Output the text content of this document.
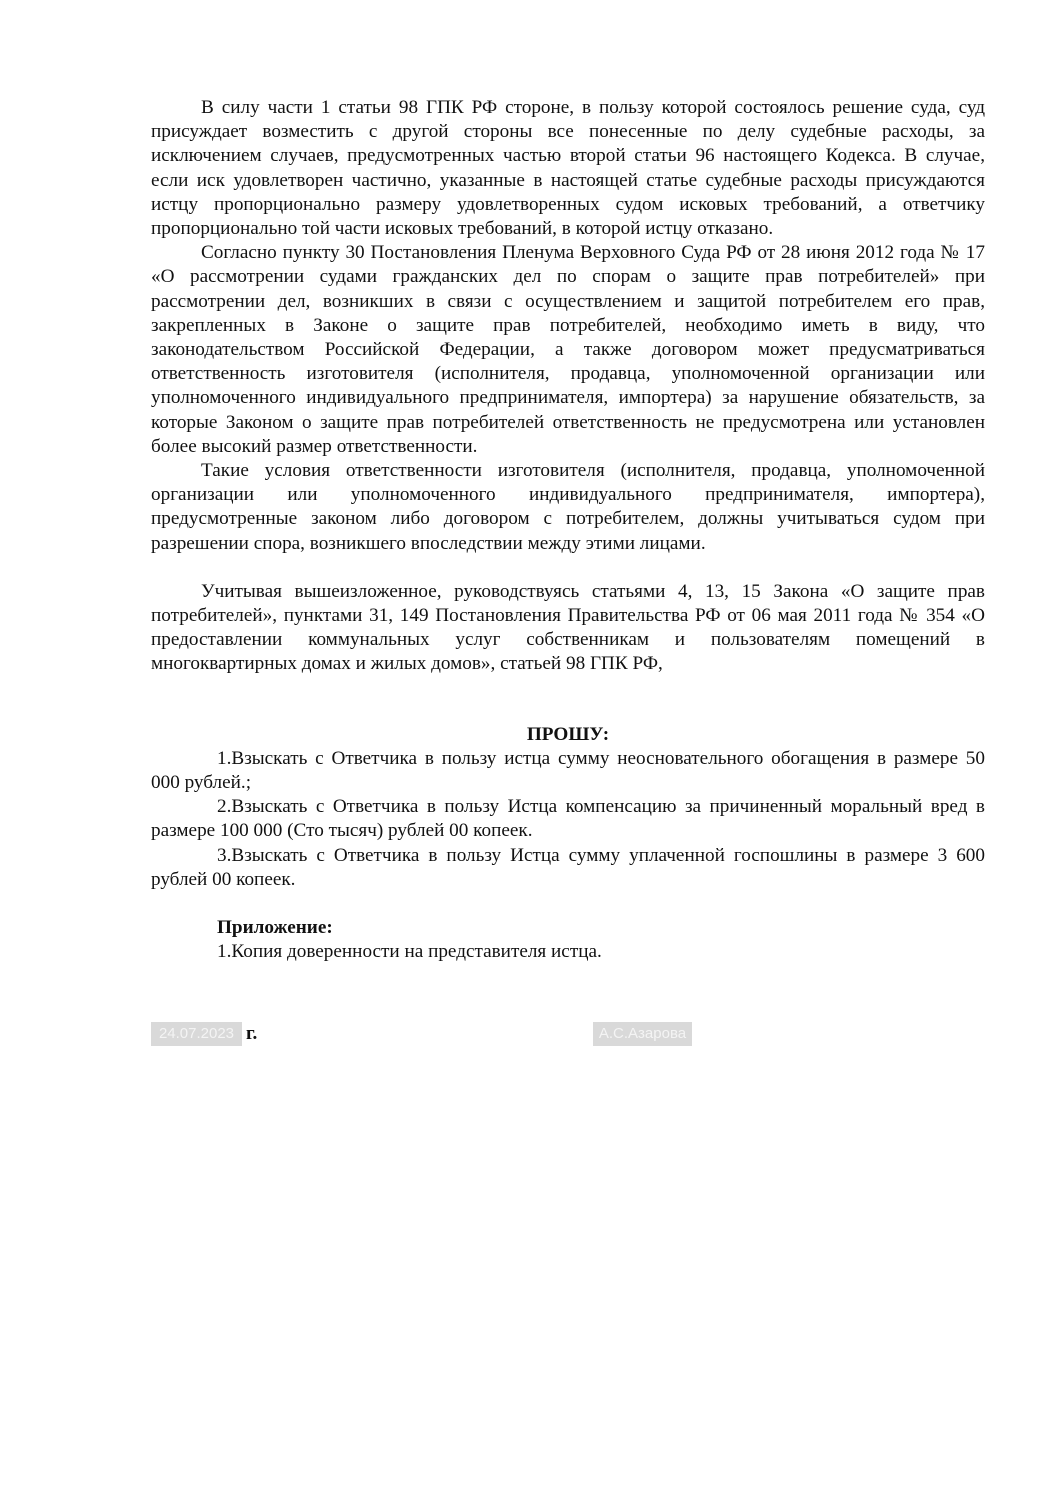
В силу части 1 статьи 98 ГПК РФ стороне, в пользу которой состоялось решение суда, суд присуждает возместить с другой стороны все понесенные по делу судебные расходы, за исключением случаев, предусмотренных частью второй статьи 96 настоящего Кодекса. В случае, если иск удовлетворен частично, указанные в настоящей статье судебные расходы присуждаются истцу пропорционально размеру удовлетворенных судом исковых требований, а ответчику пропорционально той части исковых требований, в которой истцу отказано.

Согласно пункту 30 Постановления Пленума Верховного Суда РФ от 28 июня 2012 года № 17 «О рассмотрении судами гражданских дел по спорам о защите прав потребителей» при рассмотрении дел, возникших в связи с осуществлением и защитой потребителем его прав, закрепленных в Законе о защите прав потребителей, необходимо иметь в виду, что законодательством Российской Федерации, а также договором может предусматриваться ответственность изготовителя (исполнителя, продавца, уполномоченной организации или уполномоченного индивидуального предпринимателя, импортера) за нарушение обязательств, за которые Законом о защите прав потребителей ответственность не предусмотрена или установлен более высокий размер ответственности.

Такие условия ответственности изготовителя (исполнителя, продавца, уполномоченной организации или уполномоченного индивидуального предпринимателя, импортера), предусмотренные законом либо договором с потребителем, должны учитываться судом при разрешении спора, возникшего впоследствии между этими лицами.

Учитывая вышеизложенное, руководствуясь статьями 4, 13, 15 Закона «О защите прав потребителей», пунктами 31, 149 Постановления Правительства РФ от 06 мая 2011 года № 354 «О предоставлении коммунальных услуг собственникам и пользователям помещений в многоквартирных домах и жилых домов», статьей 98 ГПК РФ,

ПРОШУ:

1.Взыскать с Ответчика в пользу истца сумму неосновательного обогащения в размере 50 000 рублей.;

2.Взыскать с Ответчика в пользу Истца компенсацию за причиненный моральный вред в размере 100 000 (Сто тысяч) рублей 00 копеек.

3.Взыскать с Ответчика в пользу Истца сумму уплаченной госпошлины в размере 3 600 рублей 00 копеек.

Приложение:

1.Копия доверенности на представителя истца.

24.07.2023 г.	А.С.Азарова
